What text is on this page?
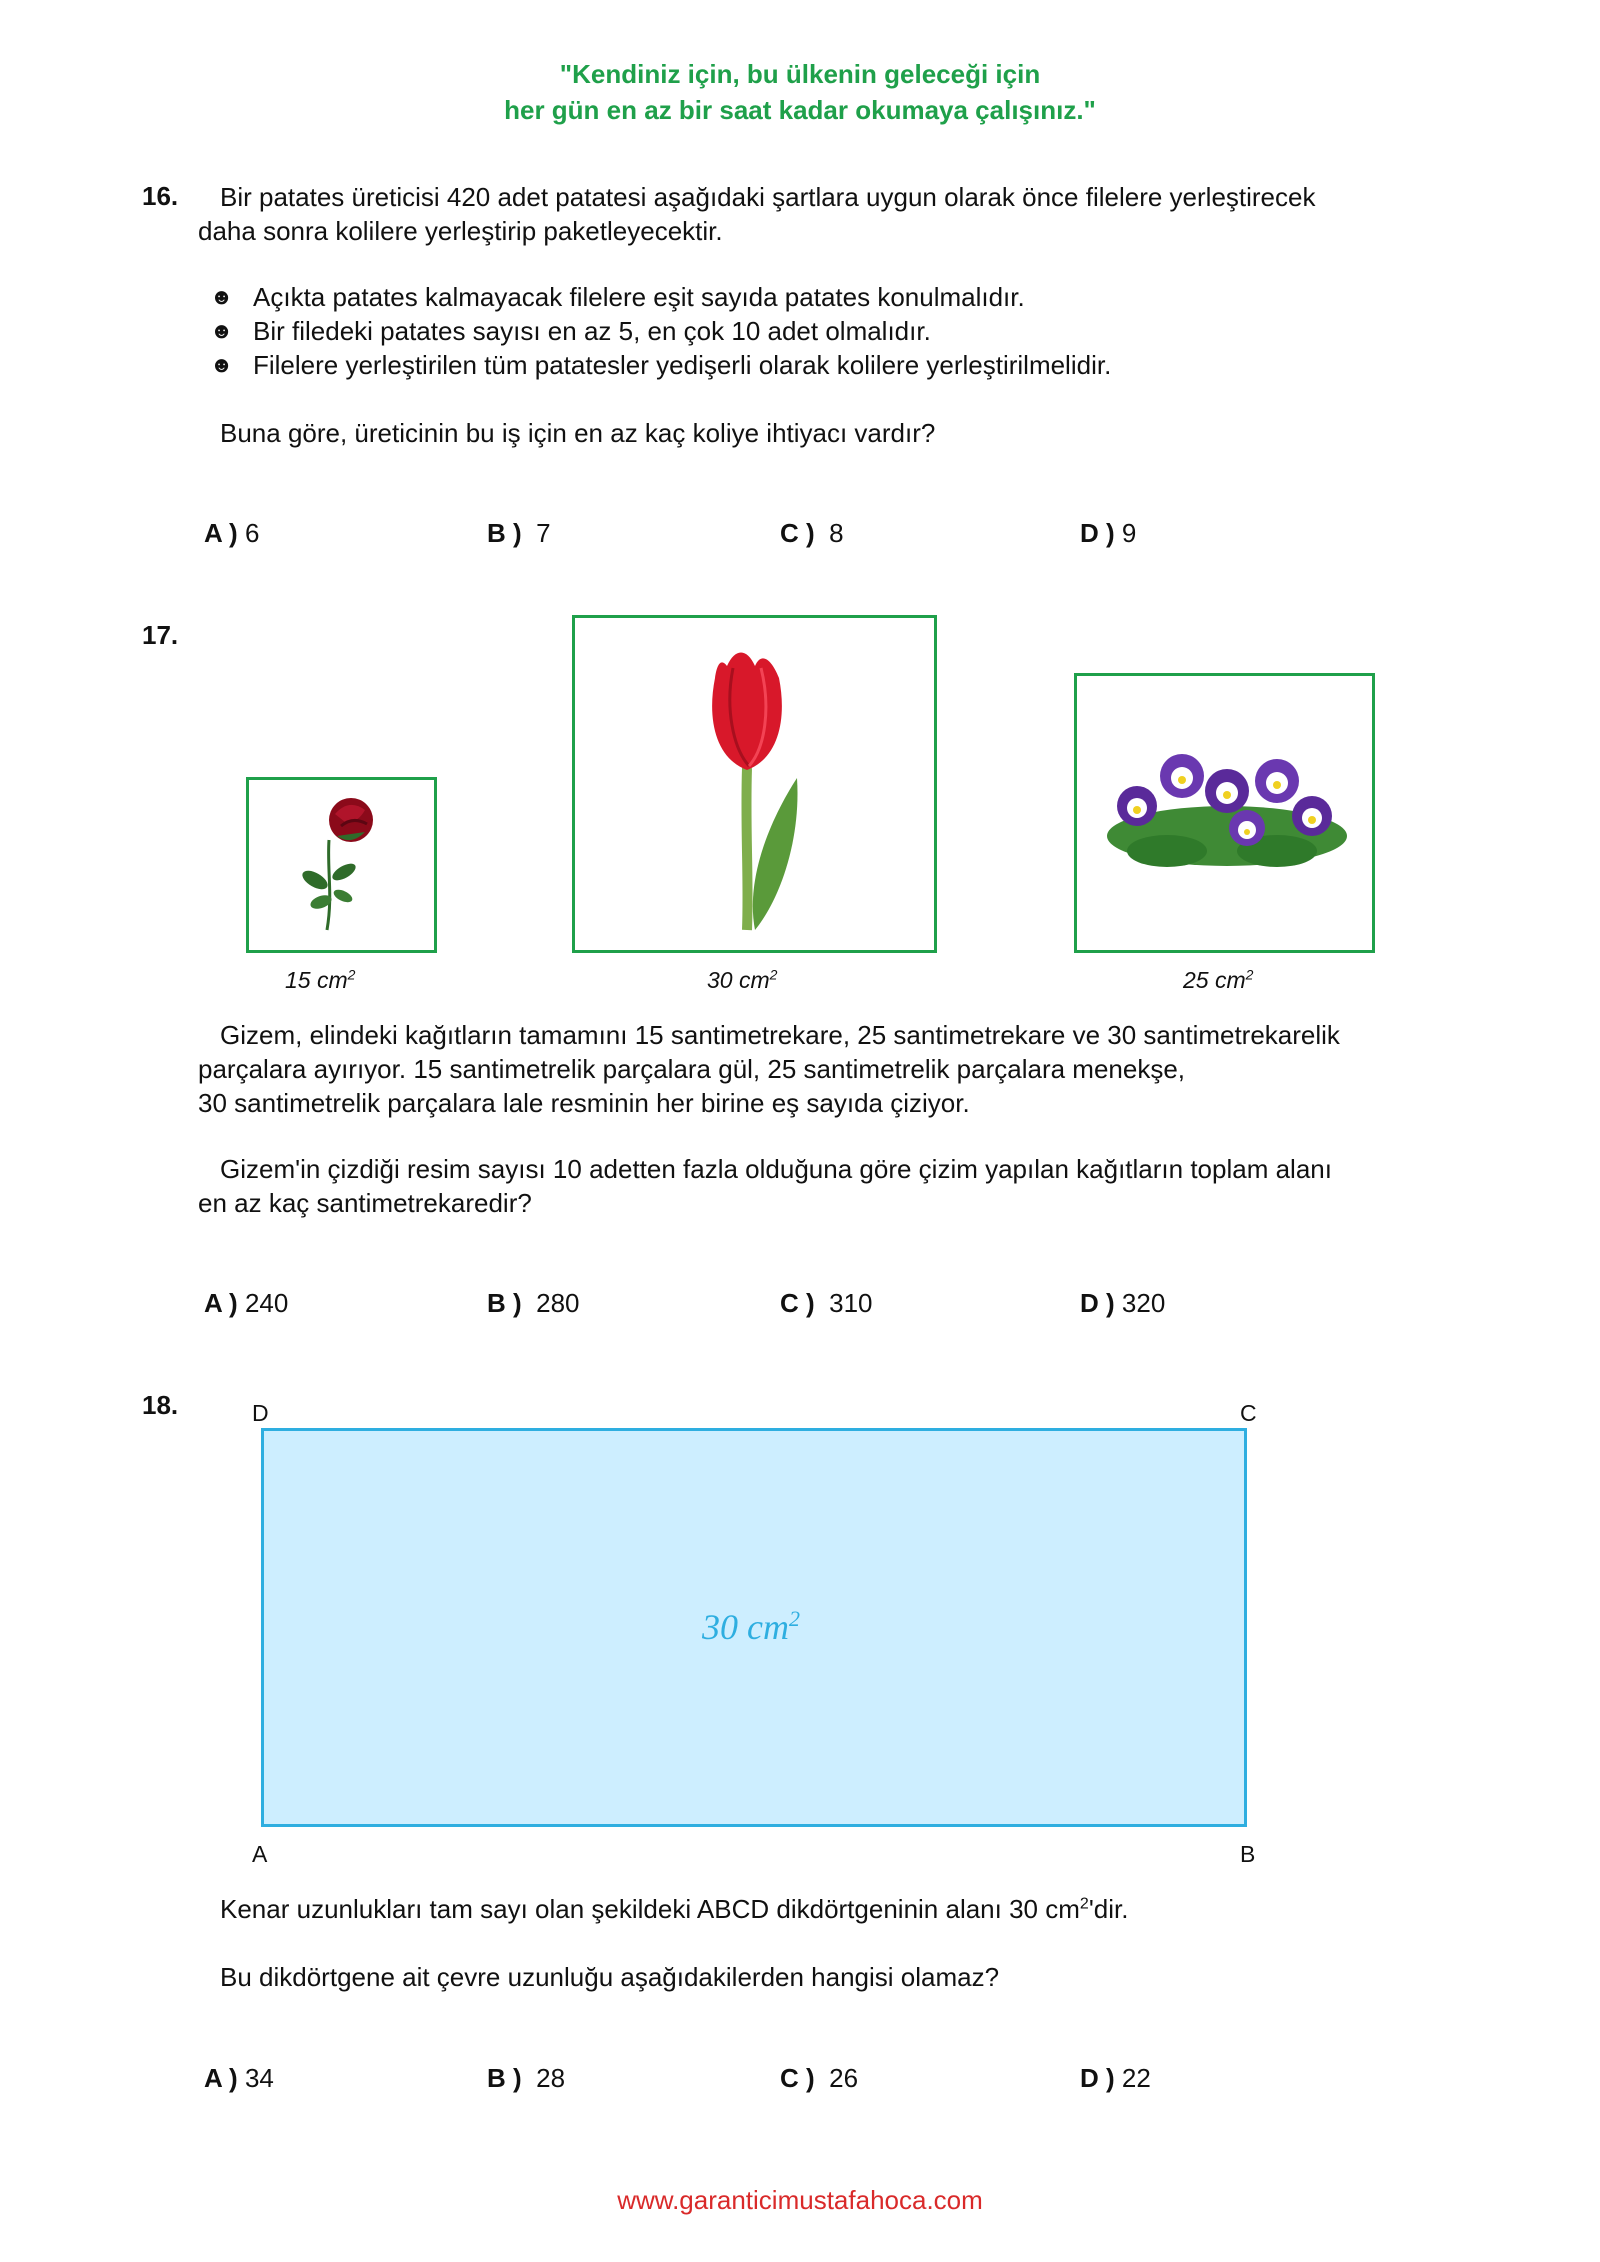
"Kendiniz için, bu ülkenin geleceği için
her gün en az bir saat kadar okumaya çalışınız."
16. Bir patates üreticisi 420 adet patatesi aşağıdaki şartlara uygun olarak önce filelere yerleştirecek
daha sonra kolilere yerleştirip paketleyecektir.
☻ Açıkta patates kalmayacak filelere eşit sayıda patates konulmalıdır.
☻ Bir filedeki patates sayısı en az 5, en çok 10 adet olmalıdır.
☻ Filelere yerleştirilen tüm patatesler yedişerli olarak kolilere yerleştirilmelidir.
Buna göre, üreticinin bu iş için en az kaç koliye ihtiyacı vardır?
A ) 6	B ) 7	C ) 8	D ) 9
17.
15 $cm^2$	30 $cm^2$	25 $cm^2$
Gizem, elindeki kağıtların tamamını 15 santimetrekare, 25 santimetrekare ve 30 santimetrekarelik
parçalara ayırıyor. 15 santimetrelik parçalara gül, 25 santimetrelik parçalara menekşe,
30 santimetrelik parçalara lale resminin her birine eş sayıda çiziyor.
Gizem'in çizdiği resim sayısı 10 adetten fazla olduğuna göre çizim yapılan kağıtların toplam alanı
en az kaç santimetrekaredir?
A ) 240	B ) 280	C ) 310	D ) 320
18.	D	C
30 $cm^2$
A	B
Kenar uzunlukları tam sayı olan şekildeki ABCD dikdörtgeninin alanı 30 $cm^2'dir$.
Bu dikdörtgene ait çevre uzunluğu aşağıdakilerden hangisi olamaz?
A ) 34	B ) 28	C ) 26	D ) 22
www.garanticimustafahoca.com
